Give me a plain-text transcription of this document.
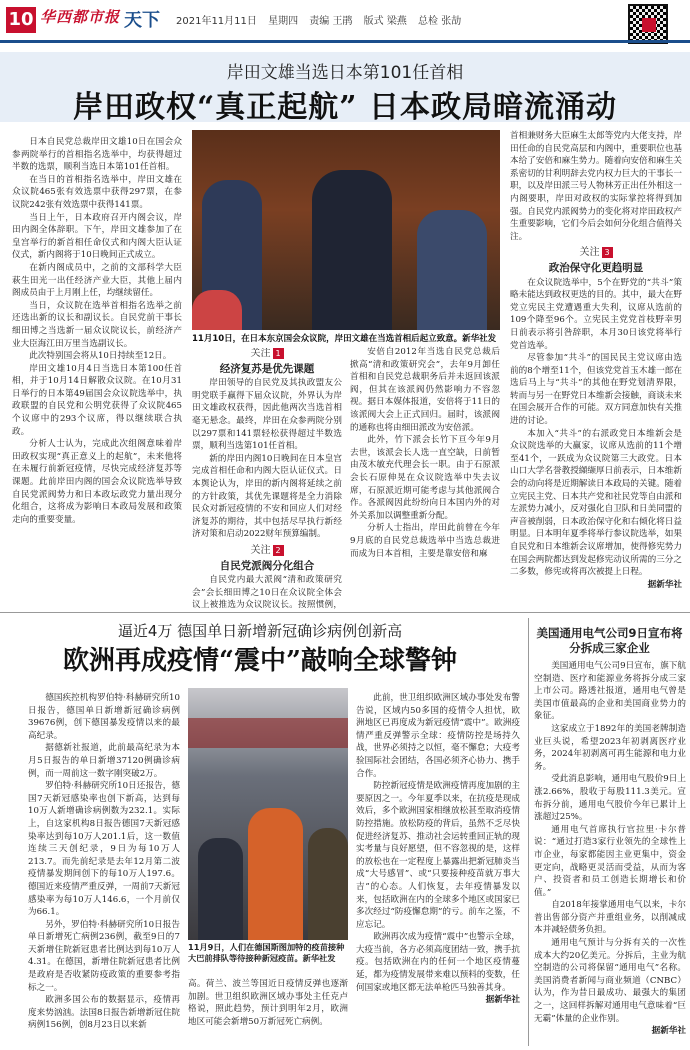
10 华西都市报 天下 2021年11月11日 星期四 责编 王鹃 版式 梁燕 总检 张劼
岸田文雄当选日本第101任首相
岸田政权“真正起航” 日本政局暗流涌动

日本自民党总裁岸田文雄10日在国会众参两院举行的首相指名选举中，均获得超过半数的选票，顺利当选日本第101任首相。

在当日的首相指名选举中，岸田文雄在众议院465张有效选票中获得297票，在参议院242张有效选票中获得141票。

当日上午，日本政府召开内阁会议，岸田内阁全体辞职。下午，岸田文雄参加了在皇宫举行的新首相任命仪式和内阁大臣认证仪式，新内阁将于10日晚间正式成立。

在新内阁成员中，之前的文部科学大臣萩生田光一出任经济产业大臣，其他上届内阁成员由于上月刚上任，均继续留任。

当日，众议院在选举首相指名选举之前还选出新的议长和副议长。自民党前干事长细田博之当选新一届众议院议长，前经济产业大臣海江田万里当选副议长。

此次特别国会将从10日持续至12日。

岸田文雄10月4日当选日本第100任首相，并于10月14日解散众议院。在10月31日举行的日本第49届国会众议院选举中，执政联盟的自民党和公明党获得了众议院465个议席中的293个议席，得以继续联合执政。

分析人士认为，完成此次组阁意味着岸田政权实现“真正意义上的起航”，未来他将在未履行前新冠疫情，尽快完成经济复苏等课题。此前岸田内阁的国会众议院选举导致自民党派阀势力和日本政坛政党力量出现分化组合，这将成为影响日本政局发展和政策走向的重要变量。

11月10日，在日本东京国会众议院，岸田文雄在当选首相后起立致意。新华社发
关注 1
经济复苏是优先课题

岸田领导的自民党及其执政盟友公明党联手赢得下届众议院，外界认为岸田文雄政权获得，因此他两次当选首相毫无悬念。最终，岸田在众参两院分别以297票和141票轻松获得超过半数选票，顺利当选第101任首相。

新的岸田内阁10日晚间在日本皇宫完成首相任命和内阁大臣认证仪式。日本舆论认为，岸田的新内阁将延续之前的方针政策，其优先课题将是全力消除民众对新冠疫情的不安和回应人们对经济复苏的期待，其中包括尽早执行新经济对策和启动2022财年预算编制。

关注 2
自民党派阀分化组合

自民党内最大派阀“清和政策研究会”会长细田博之10日在众议院全体会议上被推选为众议院议长。按照惯例，

安倍自2012年当选自民党总裁后掀高“清和政策研究会”，去年9月卸任首相和自民党总裁职务后并未返回该派阀，但其在该派阀仍然影响力不容忽视。据日本媒体报道，安倍将于11日的该派阀大会上正式回归。届时，该派阀的通称也将由细田派改为安倍派。

此外，竹下派会长竹下亘今年9月去世，该派会长人选一直空缺，日前暂由茂木敏充代理会长一职。由于石原派会长石原伸晃在众议院选举中失去议席，石原派近期可能考虑与其他派阀合作。各派阀因此纷纷向日本国内外的对外关系加以调整重新分配。

分析人士指出，岸田此前曾在今年9月底的自民党总裁选举中当选总裁进而成为日本首相，主要是靠安倍和麻

首相兼财务大臣麻生太郎等党内大佬支持，岸田任命的自民党高层和内阁中，重要职位也基本给了安倍和麻生势力。随着向安倍和麻生关系密切的甘利明辞去党内权力巨大的干事长一职，以及岸田派三号人物林芳正出任外相这一内阁要职，岸田对政权的实际掌控将得到加强。自民党内派阀势力的变化将对岸田政权产生重要影响，它们今后会如何分化组合值得关注。

关注 3
政治保守化更趋明显

在众议院选举中，5个在野党的“共斗”策略未能达到政权更迭的目的。其中，最大在野党立宪民主党遭遇重大失利，议席从选前的109个降至96个。立宪民主党党首枝野幸男日前表示将引咎辞职，本月30日该党将举行党首选举。

尽管参加“共斗”的国民民主党议席由选前的8个增至11个，但该党党首玉木雄一郎在选后马上与“共斗”的其他在野党划清界限，转而与另一在野党日本维新会接触，商谈未来在国会展开合作的可能。双方同意加快有关推进的讨论。

本加入“共斗”的右派政党日本维新会是众议院选举的大赢家，议席从选前的11个增至41个，一跃成为众议院第三大政党。日本山口大学名誉教授纐缬厚日前表示，日本维新会的动向将是近期解读日本政局的关键。随着立宪民主党、日本共产党和社民党等自由派和左派势力减小，反对强化自卫队和日美同盟的声音被削弱，日本政治保守化和右倾化将日益明显。日本明年夏季将举行参议院选举，如果自民党和日本维新会议席增加，使得修宪势力在国会两院都达到发起修宪动议所需的三分之二多数，修宪或将再次被提上日程。

据新华社
逼近4万 德国单日新增新冠确诊病例创新高
欧洲再成疫情“震中”敲响全球警钟

德国疾控机构罗伯特·科赫研究所10日报告，德国单日新增新冠确诊病例39676例，创下德国暴发疫情以来的最高纪录。

据德新社报道，此前最高纪录为本月5日报告的单日新增37120例确诊病例，而一周前这一数字刚突破2万。

罗伯特·科赫研究所10日还报告，德国7天新冠感染率也创下新高，达到每10万人新增确诊病例数为232.1。实际上，自这家机构8日报告德国7天新冠感染率达到每10万人201.1后，这一数值连续三天创纪录，9日为每10万人213.7。而先前纪录是去年12月第二波疫情暴发期间创下的每10万人197.6。德国近来疫情严重反弹，一周前7天新冠感染率为每10万人146.6，一个月前仅为66.1。

另外，罗伯特·科赫研究所10日报告单日新增死亡病例236例，截至9日的7天新增住院新冠患者比例达到每10万人4.31。在德国，新增住院新冠患者比例是政府是否收紧防疫政策的重要参考指标之一。

欧洲多国公布的数据显示，疫情再度来势汹汹。法国8日报告新增新冠住院病例156例，创8月23日以来新

11月9日，人们在德国斯图加特的疫苗接种大巴前排队等待接种新冠疫苗。新华社发

高。荷兰、波兰等国近日疫情反弹也逐渐加剧。世卫组织欧洲区域办事处主任克卢格说，照此趋势，预计到明年2月，欧洲地区可能会新增50万新冠死亡病例。

此前，世卫组织欧洲区域办事处发布警告说，区域内50多国的疫情令人担忧，欧洲地区已再度成为新冠疫情“震中”。欧洲疫情严重反弹警示全球：疫情防控是场持久战，世界必须持之以恒，毫不懈怠；大疫考验国际社会团结，各国必须齐心协力、携手合作。

防控新冠疫情是欧洲疫情再度加剧的主要原因之一。今年夏季以来，在抗疫是现成效后，多个欧洲国家相继放松甚至取消疫情防控措施。放松防疫的背后，虽然不乏尽快促进经济复苏、推动社会运转重回正轨的现实考量与良好愿望，但不容忽视的是，这样的放松也在一定程度上暴露出把新冠肺炎当成“大号感冒”、或“只要接种疫苗就万事大吉”的心态。人们恢复，去年疫情暴发以来，包括欧洲在内的全球多个地区或国家已多次经过“防疫懈怠期”的亏。前车之鉴，不应忘记。

欧洲再次成为疫情“震中”也警示全球，大疫当前，各方必须高度团结一致，携手抗疫。包括欧洲在内的任何一个地区疫情蔓延，都为疫情发展带来难以预料的变数，任何国家或地区都无法单枪匹马独善其身。

据新华社
美国通用电气公司9日宣布将分拆成三家企业

美国通用电气公司9日宣布，旗下航空制造、医疗和能源业务将拆分成三家上市公司。路透社报道，通用电气曾是美国市值最高的企业和美国商业势力的象征。

这家成立于1892年的美国老牌制造业巨头说，希望2023年初剥离医疗业务，2024年初剥离可再生能源和电力业务。

受此消息影响，通用电气股价9日上涨2.66%，股收于每股111.3美元。宣布拆分前，通用电气股价今年已累计上涨超过25%。

通用电气首席执行官拉里·卡尔普说：“通过打造3家行业领先的全球性上市企业，每家都能因主业更集中，资金更定向，战略更灵活而受益，从而为客户、投资者和员工创造长期增长和价值。”

自2018年接掌通用电气以来，卡尔普出售部分资产并重组业务，以削减成本并减轻债务负担。

通用电气预计与分拆有关的一次性成本大约20亿美元。分拆后，主业为航空制造的公司将保留“通用电气”名称。美国消费者新闻与商业频道（CNBC）认为，作为昔日最成功、最强大的集团之一，这回样拆解对通用电气意味着“巨无霸”体量的企业作别。

据新华社
